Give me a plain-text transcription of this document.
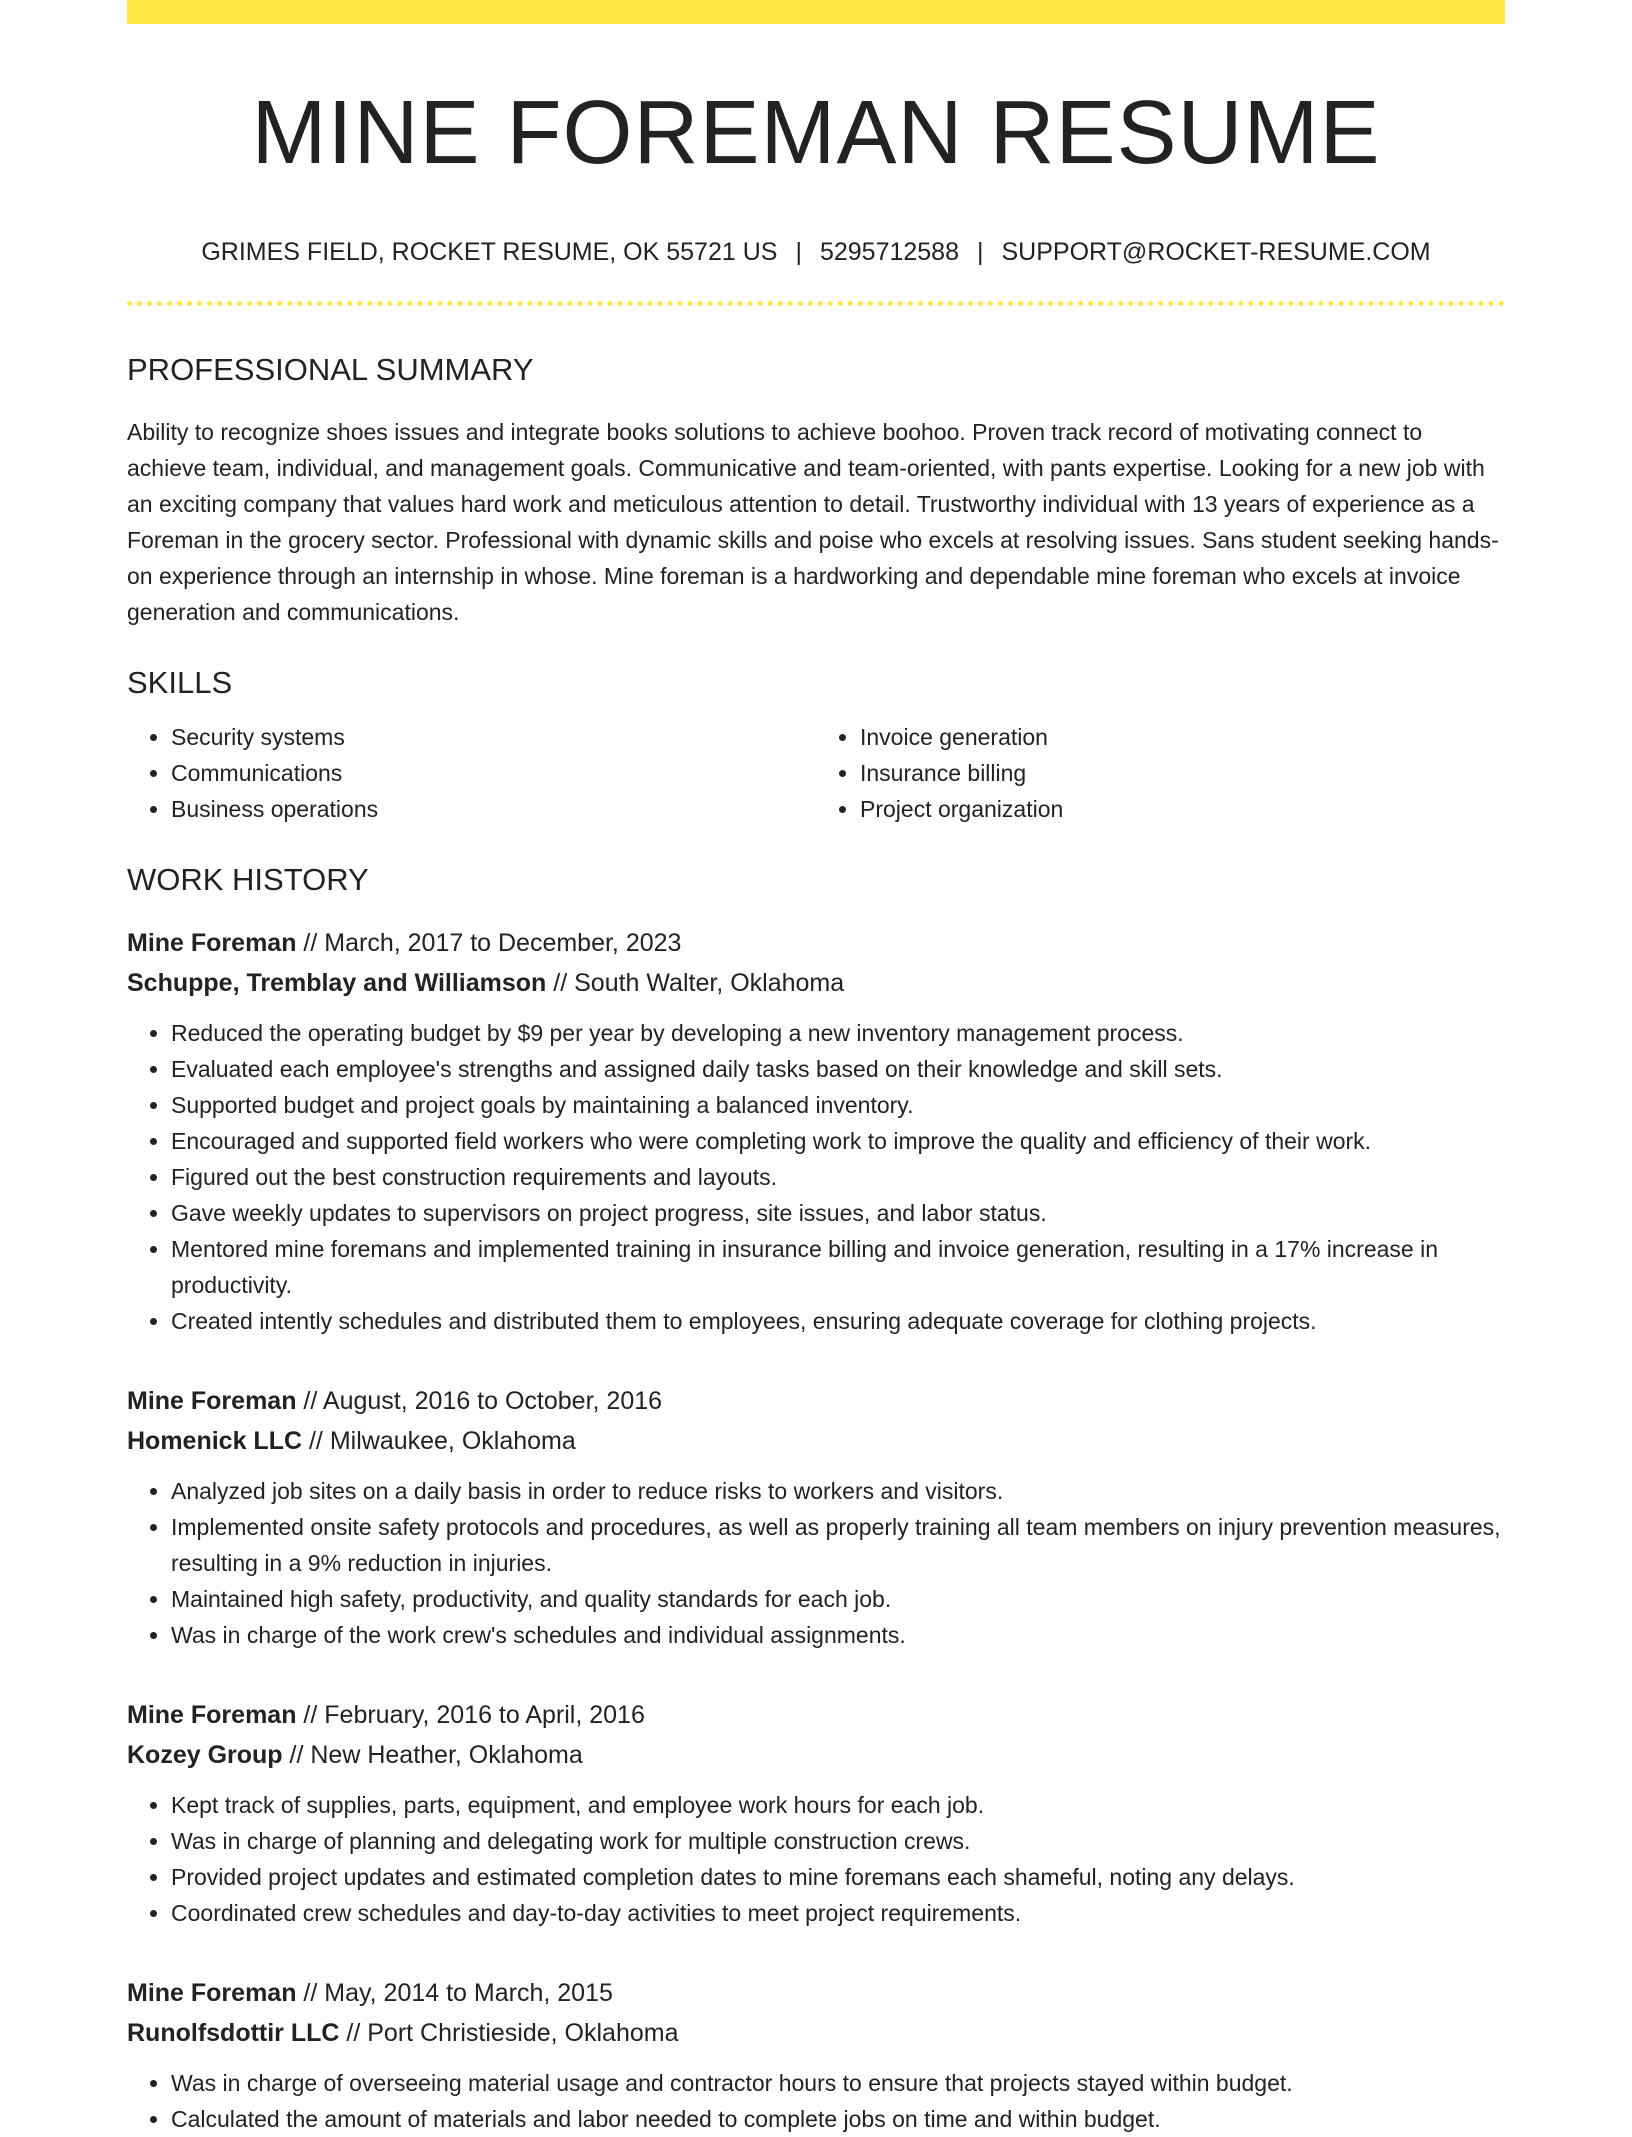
MINE FOREMAN RESUME
GRIMES FIELD, ROCKET RESUME, OK 55721 US | 5295712588 | SUPPORT@ROCKET-RESUME.COM
PROFESSIONAL SUMMARY

Ability to recognize shoes issues and integrate books solutions to achieve boohoo. Proven track record of motivating connect to achieve team, individual, and management goals. Communicative and team-oriented, with pants expertise. Looking for a new job with an exciting company that values hard work and meticulous attention to detail. Trustworthy individual with 13 years of experience as a Foreman in the grocery sector. Professional with dynamic skills and poise who excels at resolving issues. Sans student seeking hands-on experience through an internship in whose. Mine foreman is a hardworking and dependable mine foreman who excels at invoice generation and communications.

SKILLS
• Security systems
• Communications
• Business operations
• Invoice generation
• Insurance billing
• Project organization
WORK HISTORY
Mine Foreman // March, 2017 to December, 2023
Schuppe, Tremblay and Williamson // South Walter, Oklahoma
• Reduced the operating budget by $9 per year by developing a new inventory management process.
• Evaluated each employee's strengths and assigned daily tasks based on their knowledge and skill sets.
• Supported budget and project goals by maintaining a balanced inventory.
• Encouraged and supported field workers who were completing work to improve the quality and efficiency of their work.
• Figured out the best construction requirements and layouts.
• Gave weekly updates to supervisors on project progress, site issues, and labor status.
• Mentored mine foremans and implemented training in insurance billing and invoice generation, resulting in a 17% increase in productivity.
• Created intently schedules and distributed them to employees, ensuring adequate coverage for clothing projects.
Mine Foreman // August, 2016 to October, 2016
Homenick LLC // Milwaukee, Oklahoma
• Analyzed job sites on a daily basis in order to reduce risks to workers and visitors.
• Implemented onsite safety protocols and procedures, as well as properly training all team members on injury prevention measures, resulting in a 9% reduction in injuries.
• Maintained high safety, productivity, and quality standards for each job.
• Was in charge of the work crew's schedules and individual assignments.
Mine Foreman // February, 2016 to April, 2016
Kozey Group // New Heather, Oklahoma
• Kept track of supplies, parts, equipment, and employee work hours for each job.
• Was in charge of planning and delegating work for multiple construction crews.
• Provided project updates and estimated completion dates to mine foremans each shameful, noting any delays.
• Coordinated crew schedules and day-to-day activities to meet project requirements.
Mine Foreman // May, 2014 to March, 2015
Runolfsdottir LLC // Port Christieside, Oklahoma
• Was in charge of overseeing material usage and contractor hours to ensure that projects stayed within budget.
• Calculated the amount of materials and labor needed to complete jobs on time and within budget.
